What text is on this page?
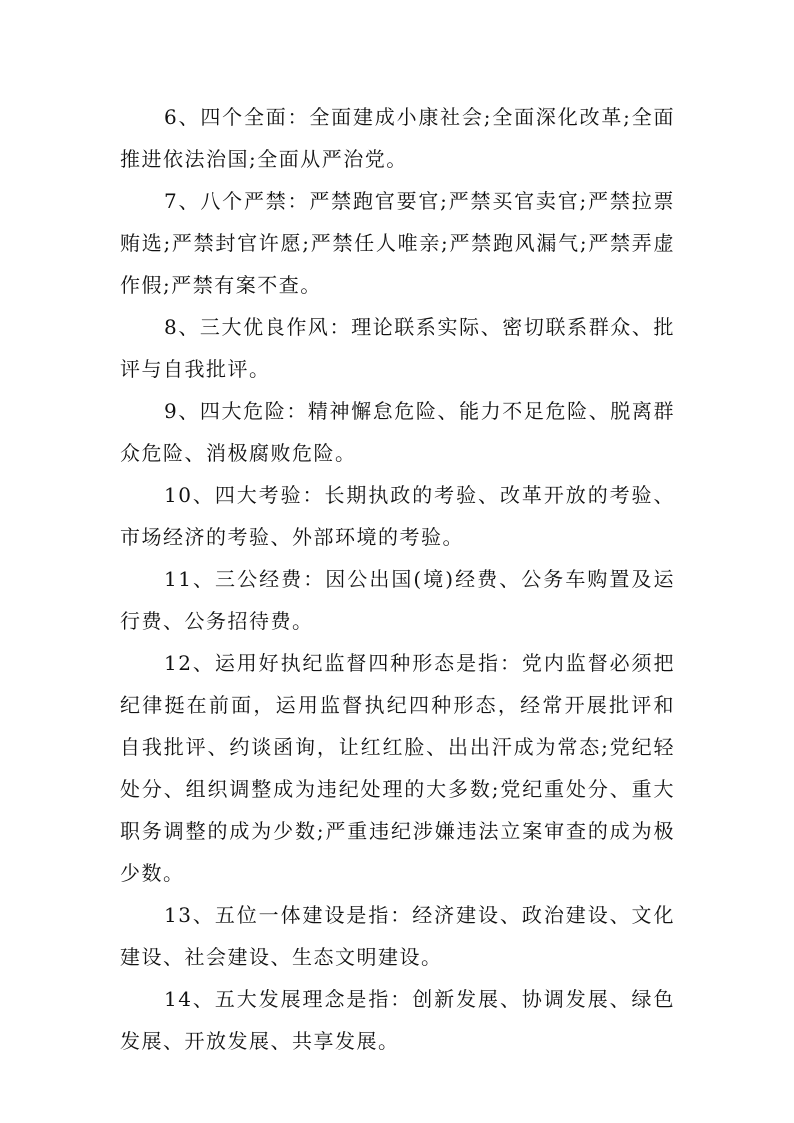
6、四个全面：全面建成小康社会;全面深化改革;全面推进依法治国;全面从严治党。

7、八个严禁：严禁跑官要官;严禁买官卖官;严禁拉票贿选;严禁封官许愿;严禁任人唯亲;严禁跑风漏气;严禁弄虚作假;严禁有案不查。

8、三大优良作风：理论联系实际、密切联系群众、批评与自我批评。

9、四大危险：精神懈怠危险、能力不足危险、脱离群众危险、消极腐败危险。

10、四大考验：长期执政的考验、改革开放的考验、市场经济的考验、外部环境的考验。

11、三公经费：因公出国(境)经费、公务车购置及运行费、公务招待费。

12、运用好执纪监督四种形态是指：党内监督必须把纪律挺在前面，运用监督执纪四种形态，经常开展批评和自我批评、约谈函询，让红红脸、出出汗成为常态;党纪轻处分、组织调整成为违纪处理的大多数;党纪重处分、重大职务调整的成为少数;严重违纪涉嫌违法立案审查的成为极少数。

13、五位一体建设是指：经济建设、政治建设、文化建设、社会建设、生态文明建设。

14、五大发展理念是指：创新发展、协调发展、绿色发展、开放发展、共享发展。
